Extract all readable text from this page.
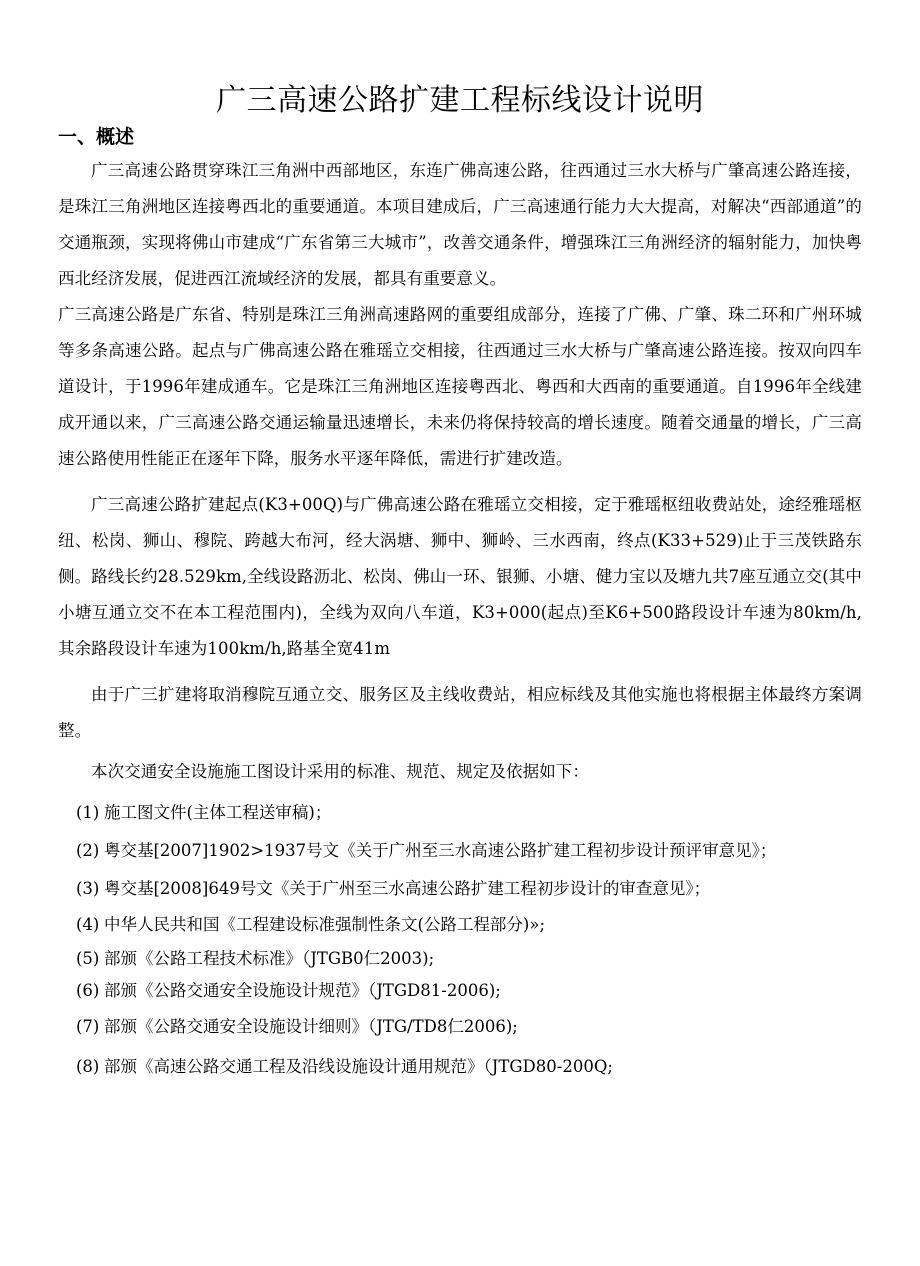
广三高速公路扩建工程标线设计说明
一、概述

广三高速公路贯穿珠江三角洲中西部地区，东连广佛高速公路，往西通过三水大桥与广肇高速公路连接，是珠江三角洲地区连接粤西北的重要通道。本项目建成后，广三高速通行能力大大提高，对解决“西部通道”的交通瓶颈，实现将佛山市建成“广东省第三大城市”，改善交通条件，增强珠江三角洲经济的辐射能力，加快粤西北经济发展，促进西江流域经济的发展，都具有重要意义。

广三高速公路是广东省、特别是珠江三角洲高速路网的重要组成部分，连接了广佛、广肇、珠二环和广州环城等多条高速公路。起点与广佛高速公路在雅瑶立交相接，往西通过三水大桥与广肇高速公路连接。按双向四车道设计，于1996年建成通车。它是珠江三角洲地区连接粤西北、粤西和大西南的重要通道。自1996年全线建成开通以来，广三高速公路交通运输量迅速增长，未来仍将保持较高的增长速度。随着交通量的增长，广三高速公路使用性能正在逐年下降，服务水平逐年降低，需进行扩建改造。

广三高速公路扩建起点(K3+00Q)与广佛高速公路在雅瑶立交相接，定于雅瑶枢纽收费站处，途经雅瑶枢纽、松岗、狮山、穆院、跨越大布河，经大涡塘、狮中、狮岭、三水西南，终点(K33+529)止于三茂铁路东侧。路线长约28.529km,全线设路沥北、松岗、佛山一环、银狮、小塘、健力宝以及塘九共7座互通立交(其中小塘互通立交不在本工程范围内)，全线为双向八车道，K3+000(起点)至K6+500路段设计车速为80km/h,其余路段设计车速为100km/h,路基全宽41m

由于广三扩建将取消穆院互通立交、服务区及主线收费站，相应标线及其他实施也将根据主体最终方案调整。

本次交通安全设施施工图设计采用的标准、规范、规定及依据如下：

(1) 施工图文件(主体工程送审稿)；
(2) 粤交基[2007]1902>1937号文《关于广州至三水高速公路扩建工程初步设计预评审意见》；
(3) 粤交基[2008]649号文《关于广州至三水高速公路扩建工程初步设计的审查意见》；
(4) 中华人民共和国《工程建设标准强制性条文(公路工程部分)»;
(5) 部颁《公路工程技术标准》（JTGB0仁2003);
(6) 部颁《公路交通安全设施设计规范》（JTGD81-2006);
(7) 部颁《公路交通安全设施设计细则》（JTG/TD8仁2006);
(8) 部颁《高速公路交通工程及沿线设施设计通用规范》（JTGD80-200Q;
